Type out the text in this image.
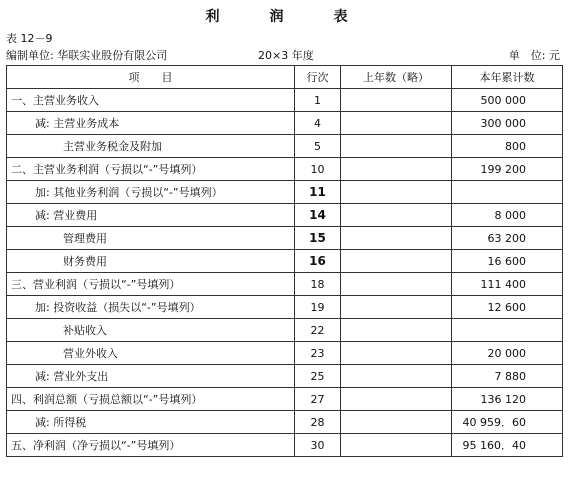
利　润　表
表 12－9
编制单位: 华联实业股份有限公司	20×3 年度	单　位: 元
项　　目	行次	上年数（略）	本年累计数
一、主营业务收入	1		500 000
减: 主营业务成本	4		300 000
主营业务税金及附加	5		800
二、主营业务利润（亏损以“-”号填列）	10		199 200
加: 其他业务利润（亏损以“-”号填列）	11		
减: 营业费用	14		8 000
管理费用	15		63 200
财务费用	16		16 600
三、营业利润（亏损以“-”号填列）	18		111 400
加: 投资收益（损失以“-”号填列）	19		12 600
补贴收入	22		
营业外收入	23		20 000
减: 营业外支出	25		7 880
四、利润总额（亏损总额以“-”号填列）	27		136 120
减: 所得税	28		40 959．60
五、净利润（净亏损以“-”号填列）	30		95 160．40
